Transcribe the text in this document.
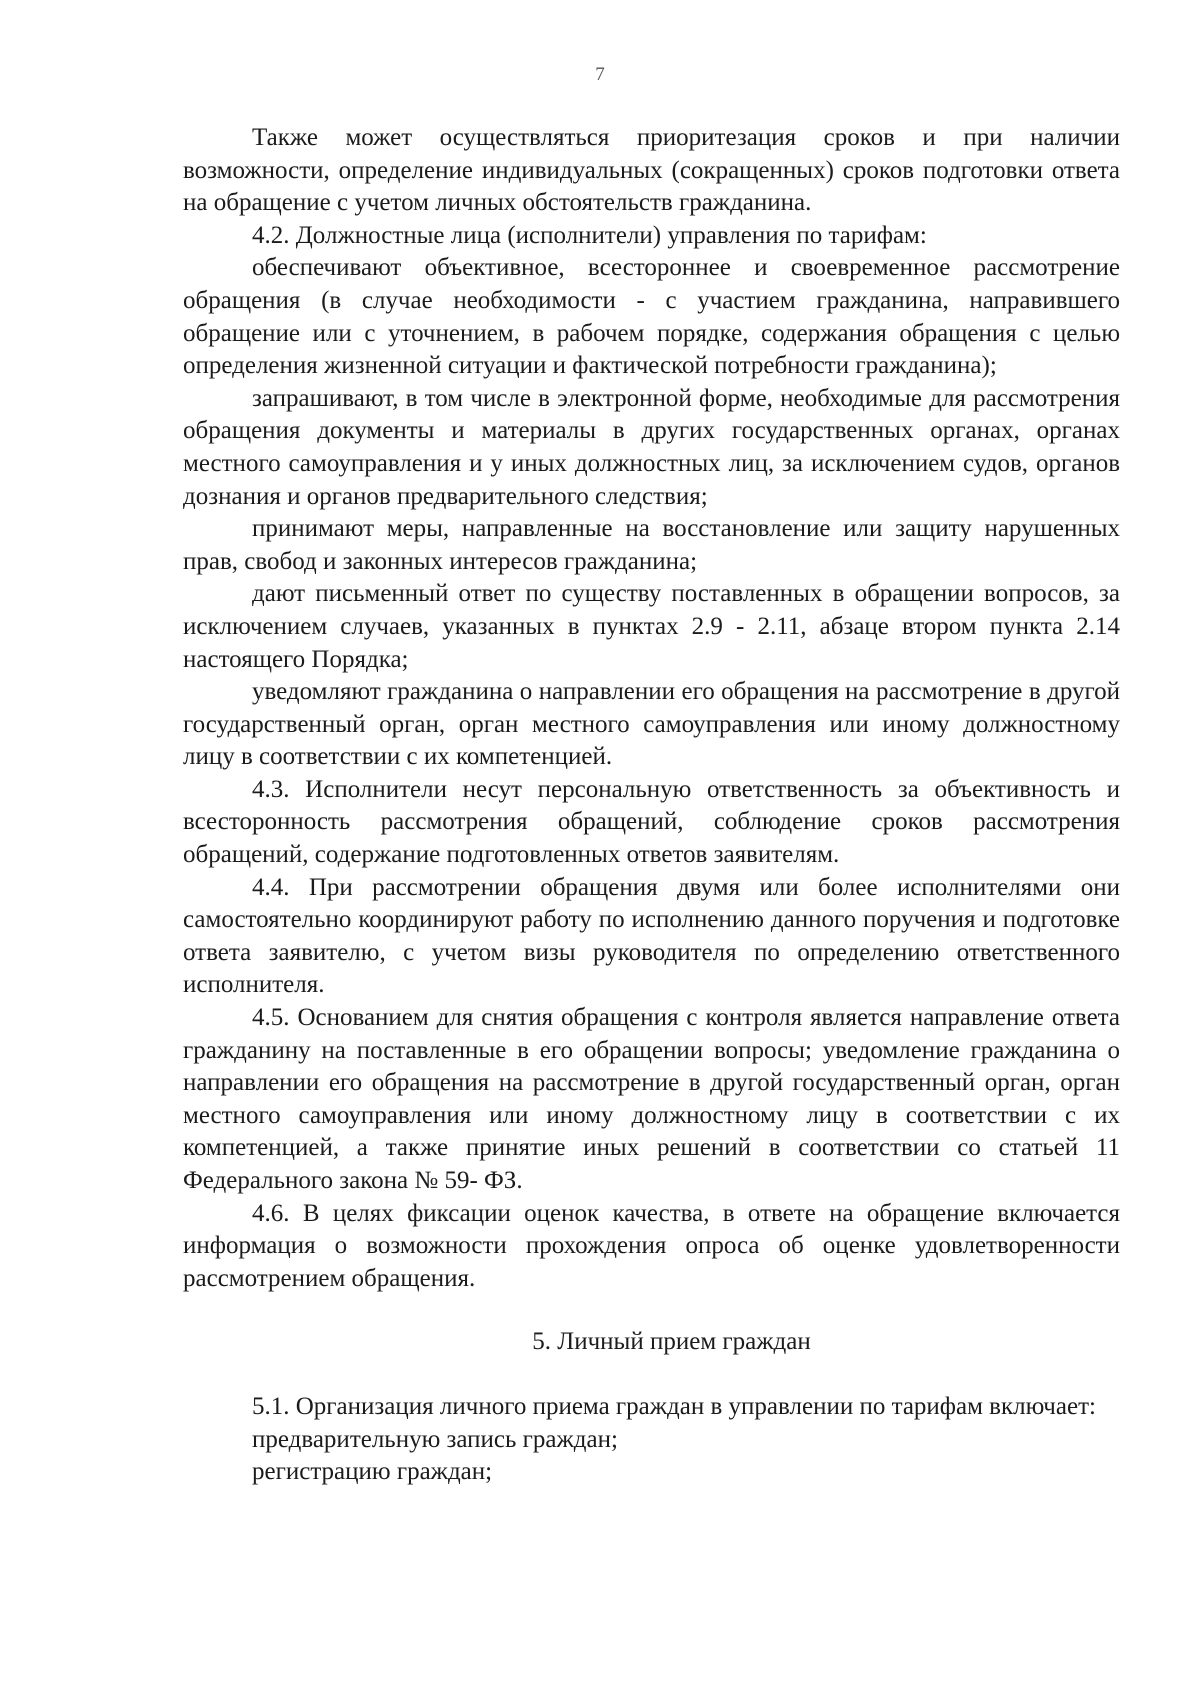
7

Также может осуществляться приоритезация сроков и при наличии возможности, определение индивидуальных (сокращенных) сроков подготовки ответа на обращение с учетом личных обстоятельств гражданина.

4.2. Должностные лица (исполнители) управления по тарифам:

обеспечивают объективное, всестороннее и своевременное рассмотрение обращения (в случае необходимости - с участием гражданина, направившего обращение или с уточнением, в рабочем порядке, содержания обращения с целью определения жизненной ситуации и фактической потребности гражданина);

запрашивают, в том числе в электронной форме, необходимые для рассмотрения обращения документы и материалы в других государственных органах, органах местного самоуправления и у иных должностных лиц, за исключением судов, органов дознания и органов предварительного следствия;

принимают меры, направленные на восстановление или защиту нарушенных прав, свобод и законных интересов гражданина;

дают письменный ответ по существу поставленных в обращении вопросов, за исключением случаев, указанных в пунктах 2.9 - 2.11, абзаце втором пункта 2.14 настоящего Порядка;

уведомляют гражданина о направлении его обращения на рассмотрение в другой государственный орган, орган местного самоуправления или иному должностному лицу в соответствии с их компетенцией.

4.3. Исполнители несут персональную ответственность за объективность и всесторонность рассмотрения обращений, соблюдение сроков рассмотрения обращений, содержание подготовленных ответов заявителям.

4.4. При рассмотрении обращения двумя или более исполнителями они самостоятельно координируют работу по исполнению данного поручения и подготовке ответа заявителю, с учетом визы руководителя по определению ответственного исполнителя.

4.5. Основанием для снятия обращения с контроля является направление ответа гражданину на поставленные в его обращении вопросы; уведомление гражданина о направлении его обращения на рассмотрение в другой государственный орган, орган местного самоуправления или иному должностному лицу в соответствии с их компетенцией, а также принятие иных решений в соответствии со статьей 11 Федерального закона № 59- ФЗ.

4.6. В целях фиксации оценок качества, в ответе на обращение включается информация о возможности прохождения опроса об оценке удовлетворенности рассмотрением обращения.

5. Личный прием граждан

5.1. Организация личного приема граждан в управлении по тарифам включает:

предварительную запись граждан;

регистрацию граждан;
